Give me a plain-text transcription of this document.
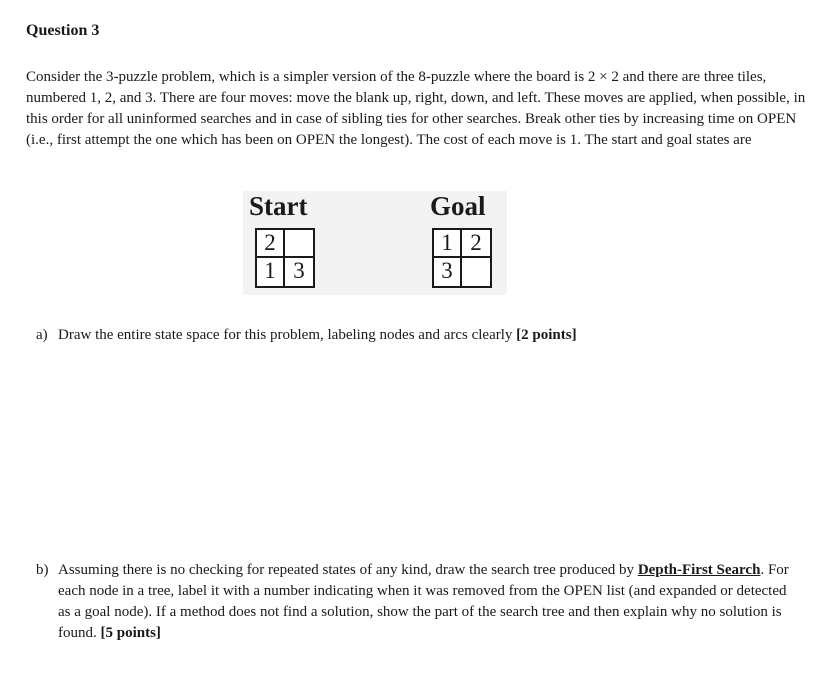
Question 3

Consider the 3-puzzle problem, which is a simpler version of the 8-puzzle where the board is 2 × 2 and there are three tiles, numbered 1, 2, and 3. There are four moves: move the blank up, right, down, and left. These moves are applied, when possible, in this order for all uninformed searches and in case of sibling ties for other searches. Break other ties by increasing time on OPEN (i.e., first attempt the one which has been on OPEN the longest). The cost of each move is 1. The start and goal states are

Start
2
1 3
Goal
1 2
3

a) Draw the entire state space for this problem, labeling nodes and arcs clearly [2 points]

b) Assuming there is no checking for repeated states of any kind, draw the search tree produced by Depth-First Search. For each node in a tree, label it with a number indicating when it was removed from the OPEN list (and expanded or detected as a goal node). If a method does not find a solution, show the part of the search tree and then explain why no solution is found. [5 points]
